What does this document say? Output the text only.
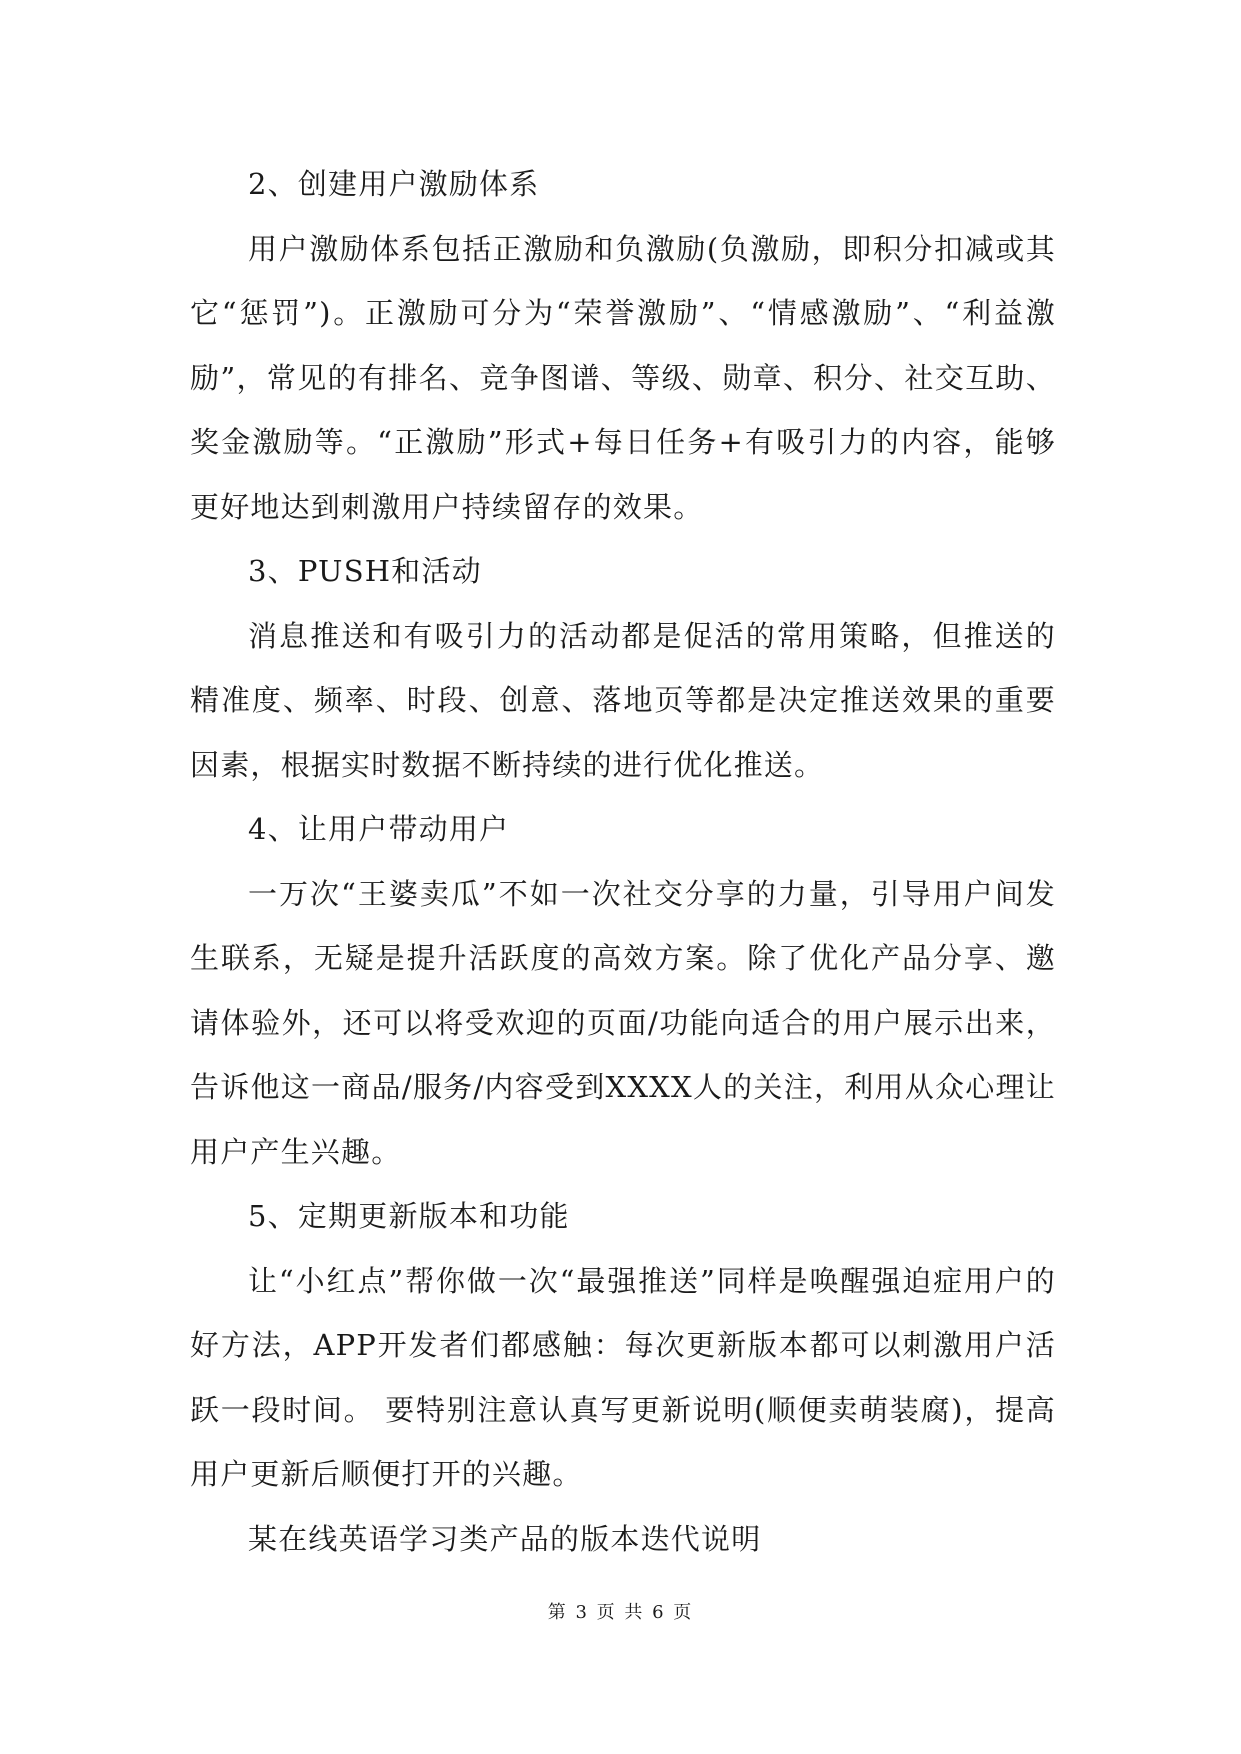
2、创建用户激励体系

用户激励体系包括正激励和负激励(负激励，即积分扣减或其它“惩罚”)。正激励可分为“荣誉激励”、“情感激励”、“利益激励”，常见的有排名、竞争图谱、等级、勋章、积分、社交互助、奖金激励等。“正激励”形式+每日任务+有吸引力的内容，能够更好地达到刺激用户持续留存的效果。

3、PUSH和活动

消息推送和有吸引力的活动都是促活的常用策略，但推送的精准度、频率、时段、创意、落地页等都是决定推送效果的重要因素，根据实时数据不断持续的进行优化推送。

4、让用户带动用户

一万次“王婆卖瓜”不如一次社交分享的力量，引导用户间发生联系，无疑是提升活跃度的高效方案。除了优化产品分享、邀请体验外，还可以将受欢迎的页面/功能向适合的用户展示出来，告诉他这一商品/服务/内容受到XXXX人的关注，利用从众心理让用户产生兴趣。

5、定期更新版本和功能

让“小红点”帮你做一次“最强推送”同样是唤醒强迫症用户的好方法，APP开发者们都感触：每次更新版本都可以刺激用户活跃一段时间。 要特别注意认真写更新说明(顺便卖萌装腐)，提高用户更新后顺便打开的兴趣。

某在线英语学习类产品的版本迭代说明

第 3 页 共 6 页
